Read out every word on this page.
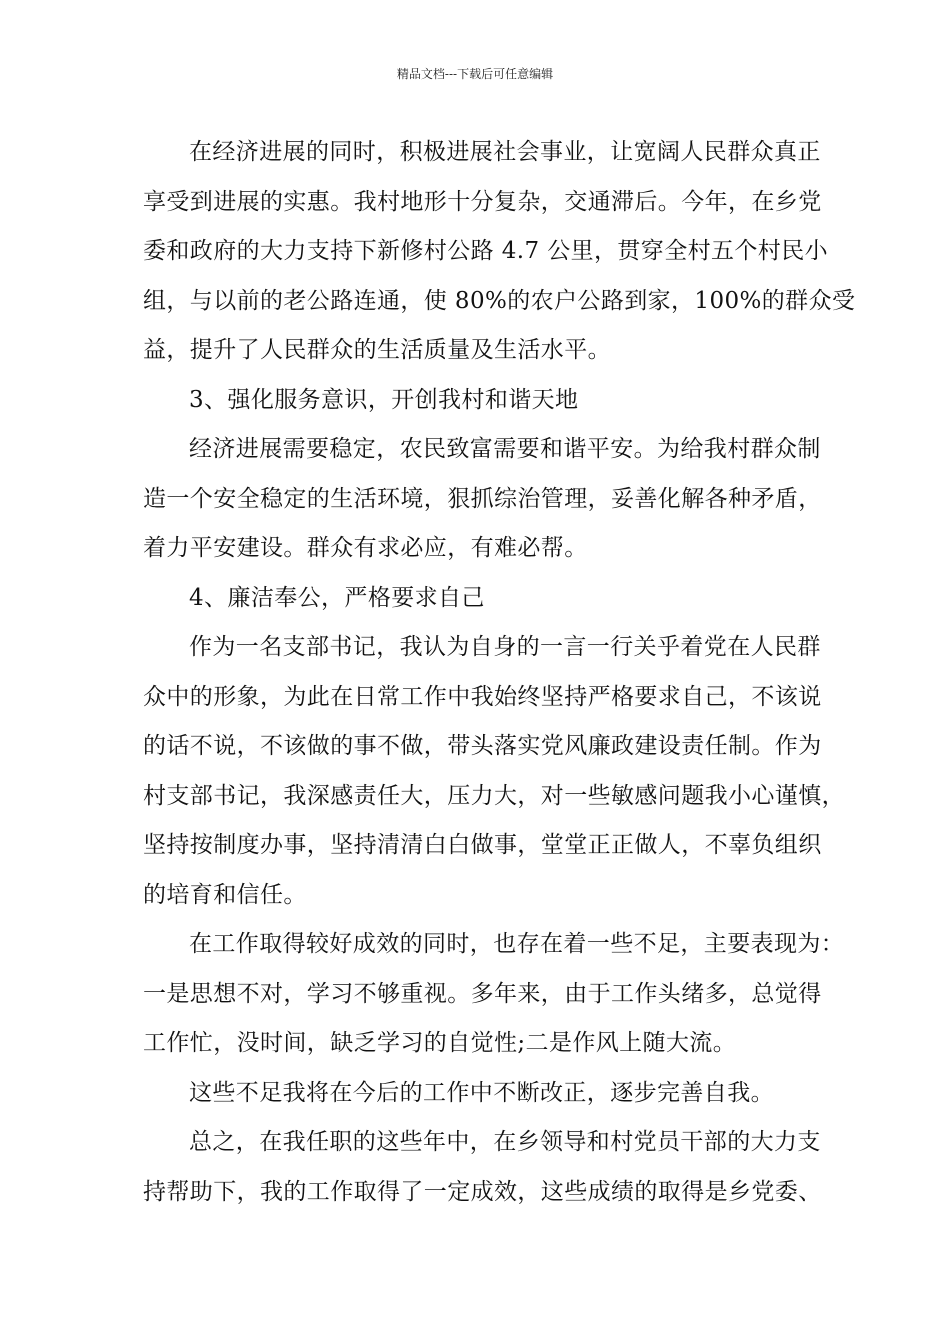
精品文档---下载后可任意编辑
在经济进展的同时，积极进展社会事业，让宽阔人民群众真正
享受到进展的实惠。我村地形十分复杂，交通滞后。今年，在乡党
委和政府的大力支持下新修村公路 4.7 公里，贯穿全村五个村民小
组，与以前的老公路连通，使 80%的农户公路到家，100%的群众受
益，提升了人民群众的生活质量及生活水平。
3、强化服务意识，开创我村和谐天地
经济进展需要稳定，农民致富需要和谐平安。为给我村群众制
造一个安全稳定的生活环境，狠抓综治管理，妥善化解各种矛盾，
着力平安建设。群众有求必应，有难必帮。
4、廉洁奉公，严格要求自己
作为一名支部书记，我认为自身的一言一行关乎着党在人民群
众中的形象，为此在日常工作中我始终坚持严格要求自己，不该说
的话不说，不该做的事不做，带头落实党风廉政建设责任制。作为
村支部书记，我深感责任大，压力大，对一些敏感问题我小心谨慎，
坚持按制度办事，坚持清清白白做事，堂堂正正做人，不辜负组织
的培育和信任。
在工作取得较好成效的同时，也存在着一些不足，主要表现为：
一是思想不对，学习不够重视。多年来，由于工作头绪多，总觉得
工作忙，没时间，缺乏学习的自觉性;二是作风上随大流。
这些不足我将在今后的工作中不断改正，逐步完善自我。
总之，在我任职的这些年中，在乡领导和村党员干部的大力支
持帮助下，我的工作取得了一定成效，这些成绩的取得是乡党委、
